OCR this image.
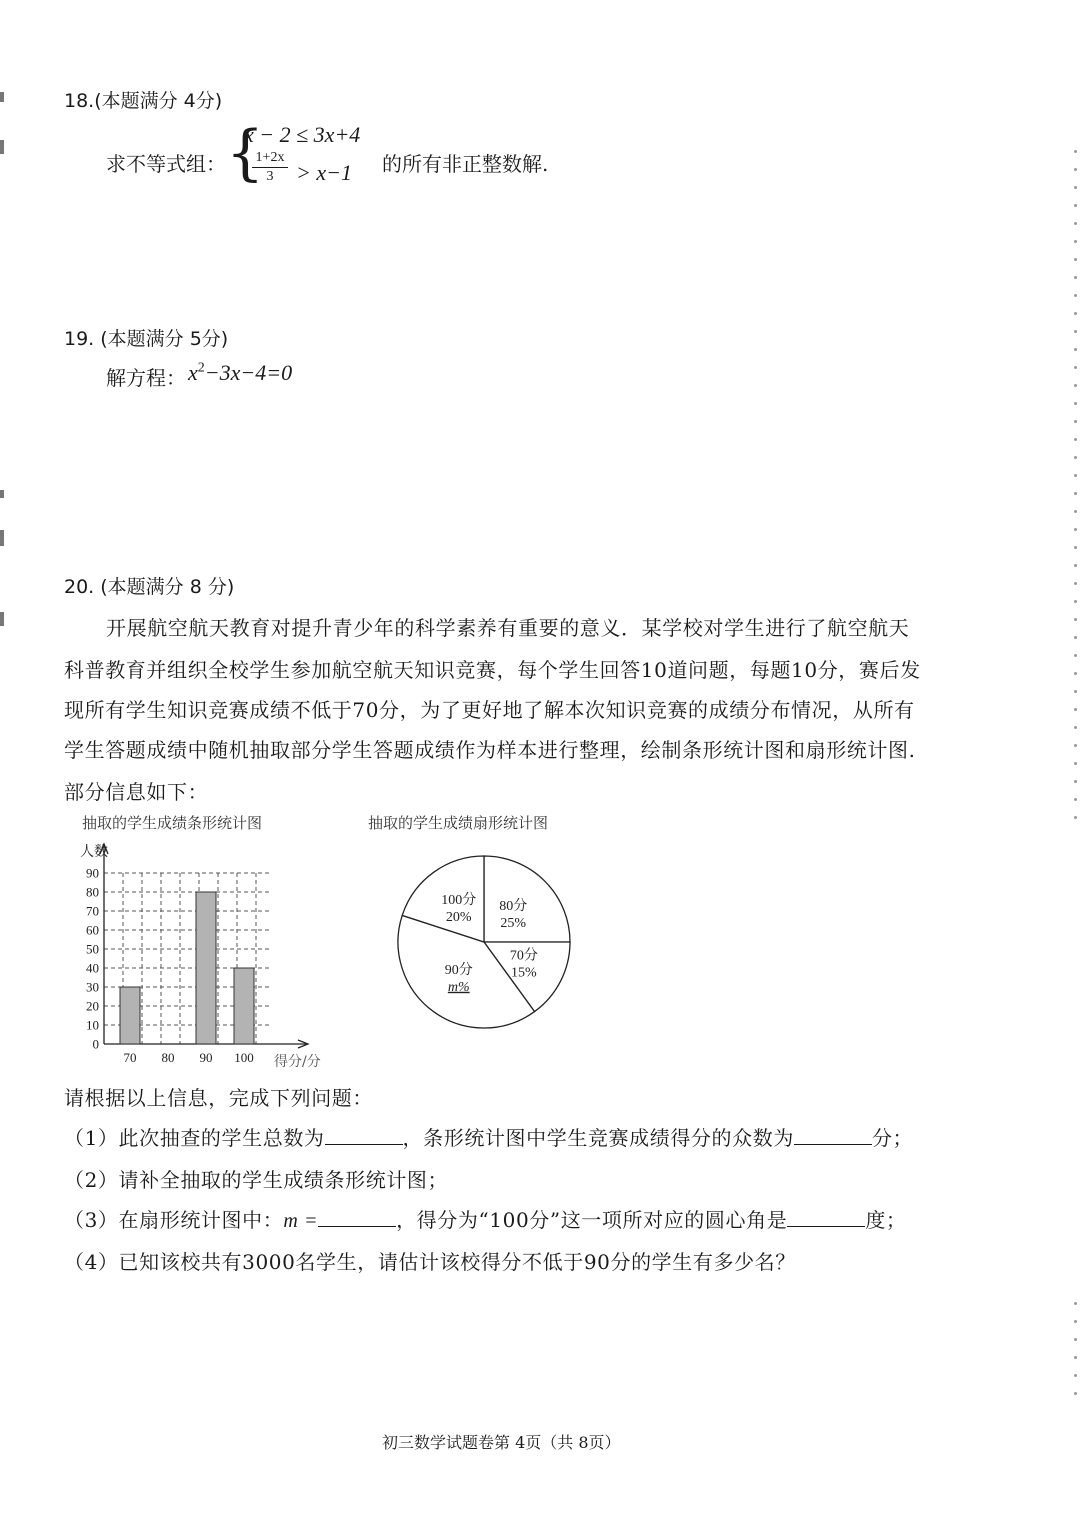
18.(本题满分 4分)
求不等式组： {
x − 2 ≤ 3x+4
1+2x
3	> x−1 的所有非正整数解.
19. (本题满分 5分)
解方程： $x^2-3x-4=0$
20. (本题满分 8 分)
开展航空航天教育对提升青少年的科学素养有重要的意义．某学校对学生进行了航空航天
科普教育并组织全校学生参加航空航天知识竞赛，每个学生回答10道问题，每题10分，赛后发
现所有学生知识竞赛成绩不低于70分，为了更好地了解本次知识竞赛的成绩分布情况，从所有
学生答题成绩中随机抽取部分学生答题成绩作为样本进行整理，绘制条形统计图和扇形统计图.
部分信息如下：
抽取的学生成绩条形统计图	抽取的学生成绩扇形统计图
0
10
20
30
40
50
60
70
80
90
70 80 90 100
人数
得分/分
80分
25%
70分
15%
90分
m%
100分
20%
请根据以上信息，完成下列问题：
（1）此次抽查的学生总数为	，条形统计图中学生竞赛成绩得分的众数为	分；
（2）请补全抽取的学生成绩条形统计图；
（3）在扇形统计图中：m =	，得分为“100分”这一项所对应的圆心角是	度；
（4）已知该校共有3000名学生，请估计该校得分不低于90分的学生有多少名？
初三数学试题卷第 4页（共 8页）
